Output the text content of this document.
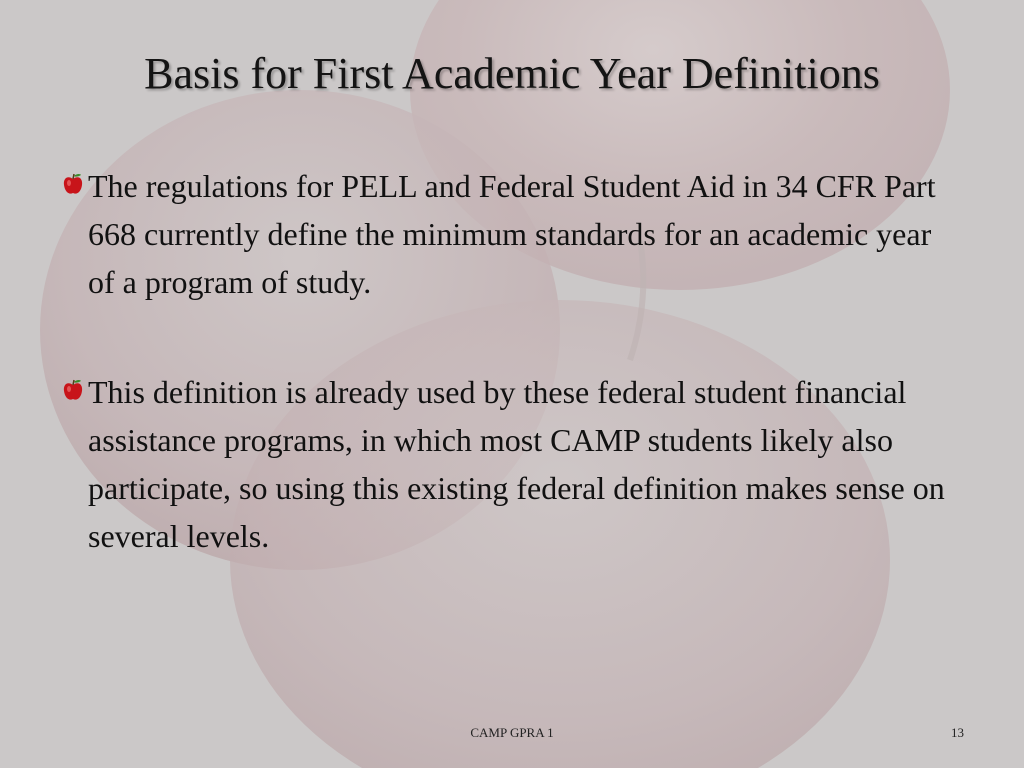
Basis for First Academic Year Definitions
The regulations for PELL and Federal Student Aid in 34 CFR Part 668 currently define the minimum standards for an academic year of a program of study.
This definition is already used by these federal student financial assistance programs, in which most CAMP students likely also participate, so using this existing federal definition makes sense on several levels.
CAMP GPRA 1	13
